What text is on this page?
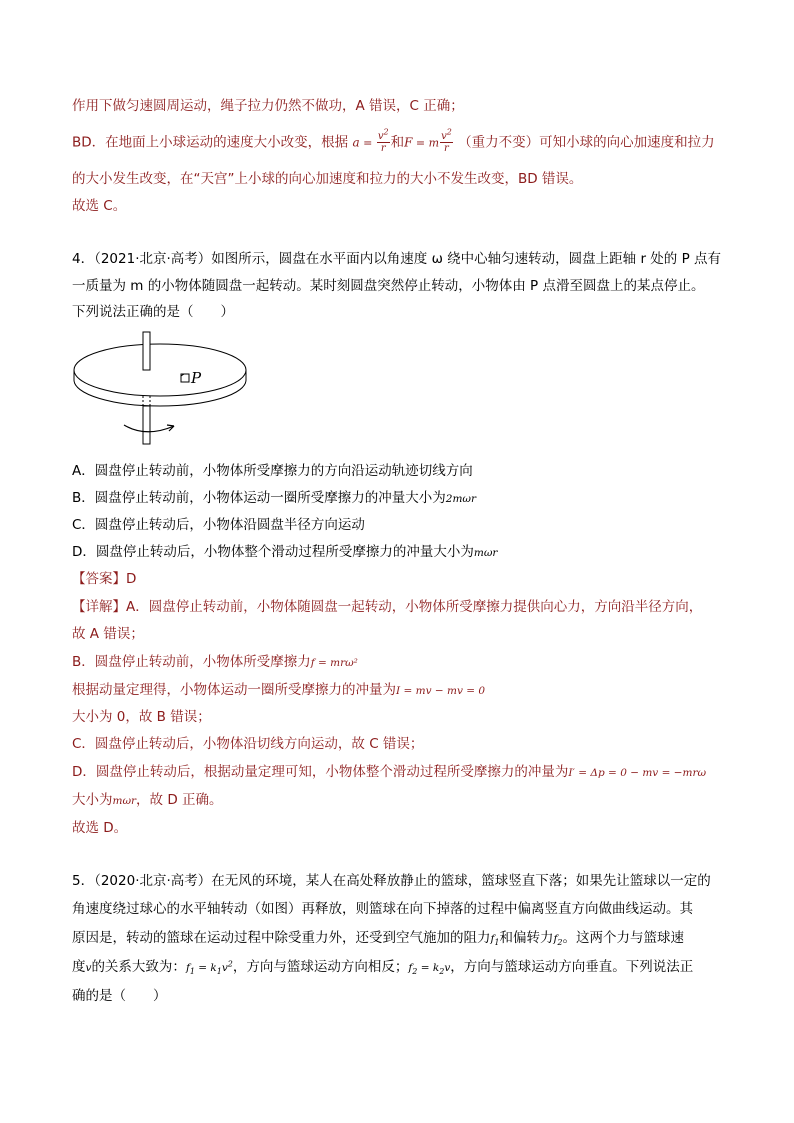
作用下做匀速圆周运动，绳子拉力仍然不做功，A 错误，C 正确；
BD．在地面上小球运动的速度大小改变，根据 $a = \frac{v^2}{r}$ 和F = m $\frac{v^2}{r}$ （重力不变）可知小球的向心加速度和拉力
的大小发生改变，在“天宫”上小球的向心加速度和拉力的大小不发生改变，BD 错误。
故选 C。
4．（2021·北京·高考）如图所示，圆盘在水平面内以角速度 ω 绕中心轴匀速转动，圆盘上距轴 r 处的 P 点有
一质量为 m 的小物体随圆盘一起转动。某时刻圆盘突然停止转动，小物体由 P 点滑至圆盘上的某点停止。
下列说法正确的是（　　）
P
A．圆盘停止转动前，小物体所受摩擦力的方向沿运动轨迹切线方向
B．圆盘停止转动前，小物体运动一圈所受摩擦力的冲量大小为2mωr
C．圆盘停止转动后，小物体沿圆盘半径方向运动
D．圆盘停止转动后，小物体整个滑动过程所受摩擦力的冲量大小为mωr
【答案】D
【详解】A．圆盘停止转动前，小物体随圆盘一起转动，小物体所受摩擦力提供向心力，方向沿半径方向，
故 A 错误；
B．圆盘停止转动前，小物体所受摩擦力f = mrω²
根据动量定理得，小物体运动一圈所受摩擦力的冲量为I = mv − mv = 0
大小为 0，故 B 错误；
C．圆盘停止转动后，小物体沿切线方向运动，故 C 错误；
D．圆盘停止转动后，根据动量定理可知，小物体整个滑动过程所受摩擦力的冲量为I′ = Δp = 0 − mv = −mrω
大小为mωr，故 D 正确。
故选 D。
5．（2020·北京·高考）在无风的环境，某人在高处释放静止的篮球，篮球竖直下落；如果先让篮球以一定的
角速度绕过球心的水平轴转动（如图）再释放，则篮球在向下掉落的过程中偏离竖直方向做曲线运动。其
原因是，转动的篮球在运动过程中除受重力外，还受到空气施加的阻力$f_1$和偏转力$f_2$。这两个力与篮球速
度v的关系大致为：$f_1 = k_1v^2$，方向与篮球运动方向相反；$f_2 = k_2v$，方向与篮球运动方向垂直。下列说法正
确的是（　　）
